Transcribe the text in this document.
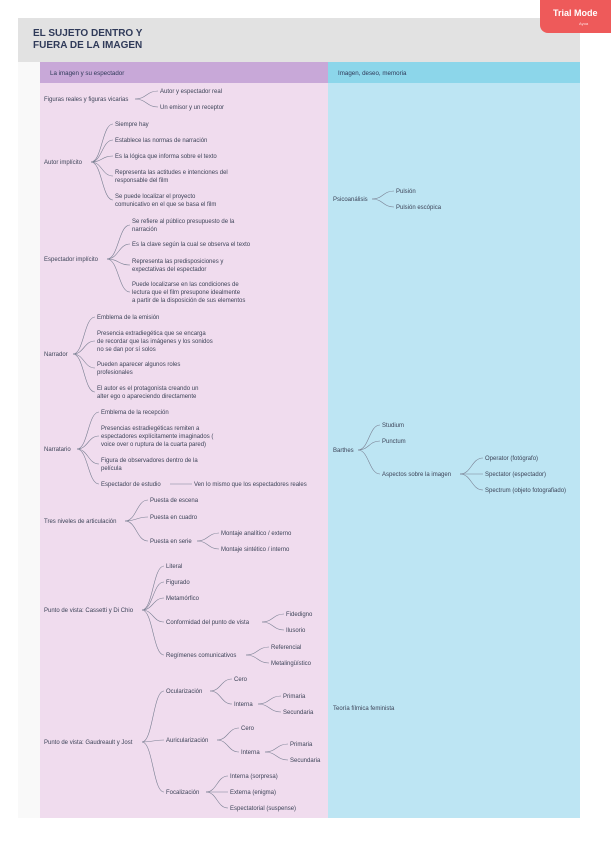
EL SUJETO DENTRO Y
FUERA DE LA IMAGEN
La imagen y su espectador	Imagen, deseo, memoria
Trial Mode
Ayoa
Figuras reales y figuras vicarias
Autor y espectador real
Un emisor y un receptor
Autor implícito
Siempre hay
Establece las normas de narración
Es la lógica que informa sobre el texto
Representa las actitudes e intenciones del
responsable del film
Se puede localizar el proyecto
comunicativo en el que se basa el film
Espectador implícito
Se refiere al público presupuesto de la
narración
Es la clave según la cual se observa el texto
Representa las predisposiciones y
expectativas del espectador
Puede localizarse en las condiciones de
lectura que el film presupone idealmente
a partir de la disposición de sus elementos
Narrador
Emblema de la emisión
Presencia extradiegética que se encarga
de recordar que las imágenes y los sonidos
no se dan por sí solos
Pueden aparecer algunos roles
profesionales
El autor es el protagonista creando un
alter ego o apareciendo directamente
Narratario
Emblema de la recepción
Presencias estradiegéticas remiten a
espectadores explícitamente imaginados (
voice over o ruptura de la cuarta pared)
Figura de observadores dentro de la
película
Espectador de estudio	Ven lo mismo que los espectadores reales
Tres niveles de articulación
Puesta de escena
Puesta en cuadro
Puesta en serie
Montaje analítico / externo
Montaje sintético / interno
Punto de vista: Cassetti y Di Chio
Literal
Figurado
Metamórfico
Conformidad del punto de vista
Regímenes comunicativos
Fidedigno
Ilusorio
Referencial
Metalingüístico
Punto de vista: Gaudreault y Jost
Ocularización
Cero
Interna
Primaria
Secundaria
Auricularización
Cero
Interna
Primaria
Secundaria
Focalización
Interna (sorpresa)
Externa (enigma)
Espectatorial (suspense)
Psicoanálisis
Pulsión
Pulsión escópica
Barthes
Studium
Punctum
Aspectos sobre la imagen
Operator (fotógrafo)
Spectator (espectador)
Spectrum (objeto fotografiado)
Teoría fílmica feminista
